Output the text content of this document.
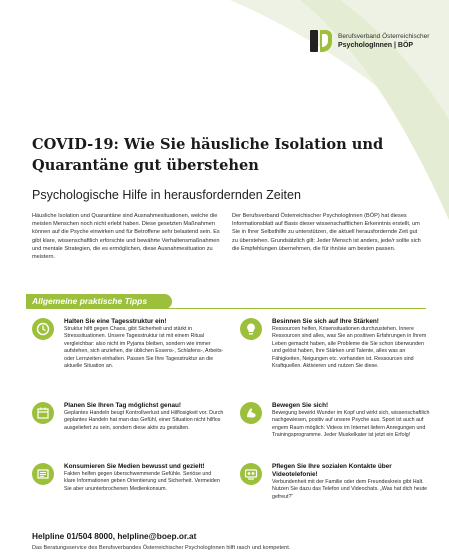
Berufsverband Österreichischer
PsychologInnen | BÖP
COVID-19: Wie Sie häusliche Isolation und Quarantäne gut überstehen
Psychologische Hilfe in herausfordernden Zeiten

Häusliche Isolation und Quarantäne sind Ausnahmesituationen, welche die meisten Menschen noch nicht erlebt haben. Diese gesetzten Maßnahmen können auf die Psyche einwirken und für Betroffene sehr belastend sein. Es gibt klare, wissenschaftlich erforschte und bewährte Verhaltensmaßnahmen und mentale Strategien, die es ermöglichen, diese Ausnahmesituation zu meistern.

Der Berufsverband Österreichischer PsychologInnen (BÖP) hat dieses Informationsblatt auf Basis dieser wissenschaftlichen Erkenntnis erstellt, um Sie in Ihrer Selbsthilfe zu unterstützen, die aktuell herausfordernde Zeit gut zu überstehen. Grundsätzlich gilt: Jeder Mensch ist anders, jede/r sollte sich die Empfehlungen übernehmen, die für ihn/sie am besten passen.

Allgemeine praktische Tipps
Halten Sie eine Tagesstruktur ein!
Struktur hilft gegen Chaos, gibt Sicherheit und stärkt in Stresssituationen. Unsere Tagesstruktur ist mit einem Ritual vergleichbar: also nicht im Pyjama bleiben, sondern wie immer aufstehen, sich anziehen, die üblichen Essens-, Schlafens-, Arbeits- oder Lernzeiten einhalten. Passen Sie Ihre Tagesstruktur an die aktuelle Situation an.
Besinnen Sie sich auf Ihre Stärken!
Ressourcen helfen, Krisensituationen durchzustehen. Innere Ressourcen sind alles, was Sie an positiven Erfahrungen in Ihrem Leben gemacht haben, alle Probleme die Sie schon überwunden und gelöst haben, Ihre Stärken und Talente, alles was an Fähigkeiten, Neigungen etc. vorhanden ist. Ressourcen sind Kraftquellen. Aktivieren und nutzen Sie diese.
Planen Sie Ihren Tag möglichst genau!
Geplantes Handeln beugt Kontrollverlust und Hilflosigkeit vor. Durch geplantes Handeln hat man das Gefühl, einer Situation nicht hilflos ausgeliefert zu sein, sondern diese aktiv zu gestalten.
Bewegen Sie sich!
Bewegung bewirkt Wunder im Kopf und wirkt sich, wissenschaftlich nachgewiesen, positiv auf unsere Psyche aus. Sport ist auch auf engem Raum möglich: Videos im Internet liefern Anregungen und Trainingsprogramme. Jeder Muskelkater ist jetzt ein Erfolg!
Konsumieren Sie Medien bewusst und gezielt!
Fakten helfen gegen überschwemmende Gefühle. Seriöse und klare Informationen geben Orientierung und Sicherheit. Vermeiden Sie aber ununterbrochenen Medienkonsum.
Pflegen Sie Ihre sozialen Kontakte über Videotelefonie!
Verbundenheit mit der Familie oder dem Freundeskreis gibt Halt. Nutzen Sie dazu das Telefon und Videochats. „Was hat dich heute gefreut?“
Helpline 01/504 8000, helpline@boep.or.at
Das Beratungsservice des Berufsverbandes Österreichischer PsychologInnen hilft rasch und kompetent.
